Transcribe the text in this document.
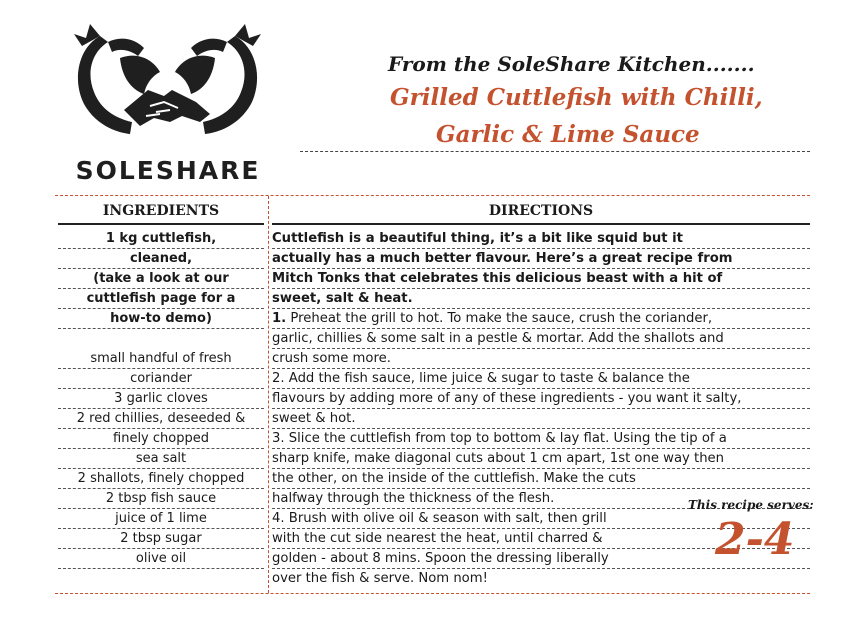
SOLESHARE
From the SoleShare Kitchen.......
Grilled Cuttlefish with Chilli,
Garlic & Lime Sauce
INGREDIENTS	DIRECTIONS
1 kg cuttlefish,
cleaned,
(take a look at our
cuttlefish page for a
how-to demo)
small handful of fresh
coriander
3 garlic cloves
2 red chillies, deseeded &
finely chopped
sea salt
2 shallots, finely chopped
2 tbsp fish sauce
juice of 1 lime
2 tbsp sugar
olive oil
Cuttlefish is a beautiful thing, it’s a bit like squid but it
actually has a much better flavour. Here’s a great recipe from
Mitch Tonks that celebrates this delicious beast with a hit of
sweet, salt & heat.
1. Preheat the grill to hot. To make the sauce, crush the coriander,
garlic, chillies & some salt in a pestle & mortar. Add the shallots and
crush some more.
2. Add the fish sauce, lime juice & sugar to taste & balance the
flavours by adding more of any of these ingredients - you want it salty,
sweet & hot.
3. Slice the cuttlefish from top to bottom & lay flat. Using the tip of a
sharp knife, make diagonal cuts about 1 cm apart, 1st one way then
the other, on the inside of the cuttlefish. Make the cuts
halfway through the thickness of the flesh.
4. Brush with olive oil & season with salt, then grill
with the cut side nearest the heat, until charred &
golden - about 8 mins. Spoon the dressing liberally
over the fish & serve. Nom nom!
This recipe serves:
2-4
